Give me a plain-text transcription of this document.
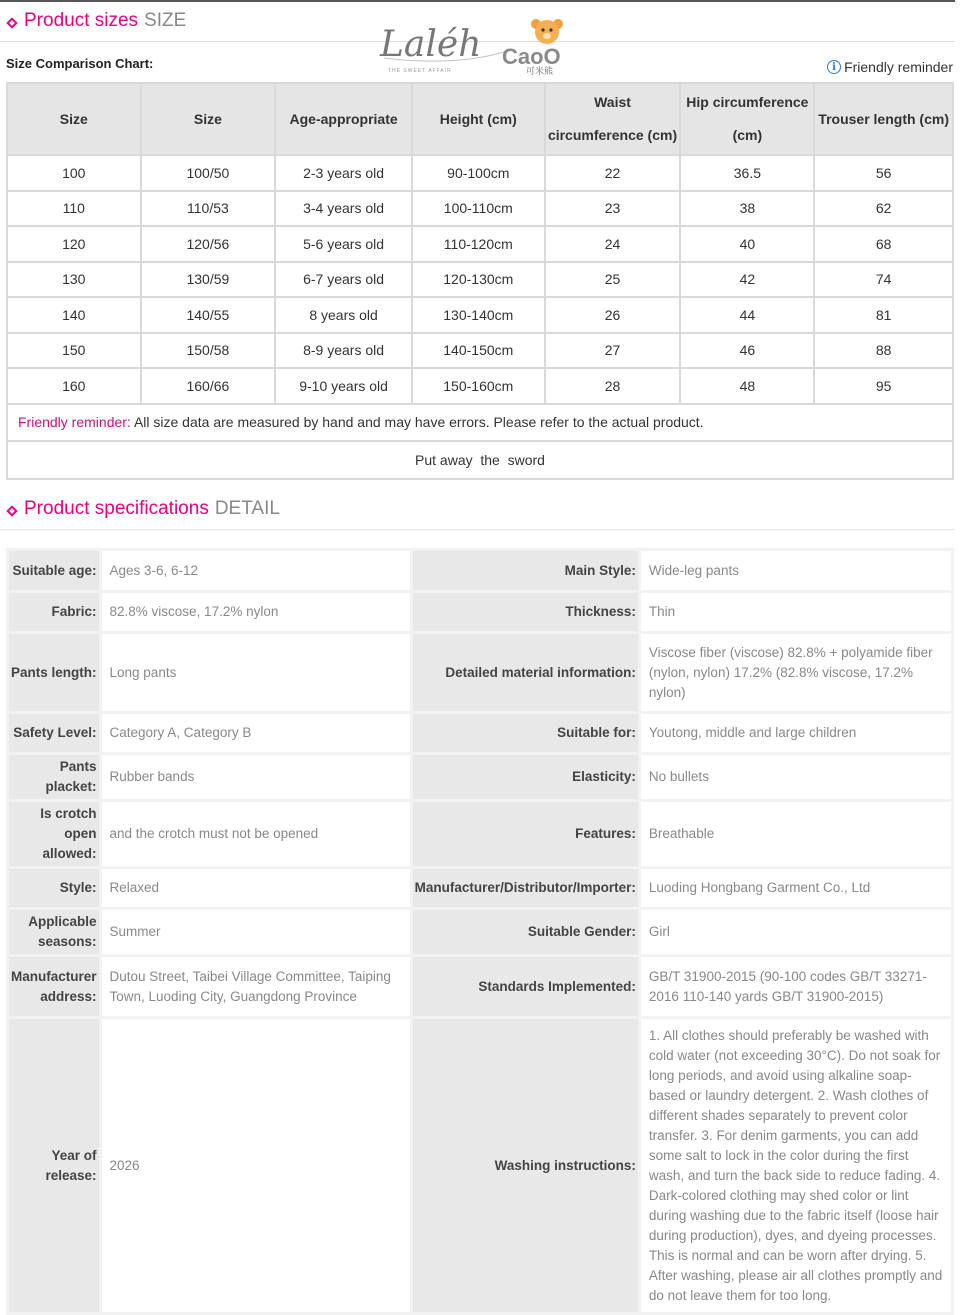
Product sizes SIZE
Size Comparison Chart:	Laléh
THE SWEET AFFAIR
CaoO
可米熊	i Friendly reminder
Size	Size	Age-appropriate	Height (cm)	Waist circumference (cm)	Hip circumference (cm)	Trouser length (cm)
100	100/50	2-3 years old	90-100cm	22	36.5	56
110	110/53	3-4 years old	100-110cm	23	38	62
120	120/56	5-6 years old	110-120cm	24	40	68
130	130/59	6-7 years old	120-130cm	25	42	74
140	140/55	8 years old	130-140cm	26	44	81
150	150/58	8-9 years old	140-150cm	27	46	88
160	160/66	9-10 years old	150-160cm	28	48	95
Friendly reminder: All size data are measured by hand and may have errors. Please refer to the actual product.						
Put away  the  sword						
Product specifications DETAIL
Suitable age:	Ages 3-6, 6-12	Main Style:	Wide-leg pants
Fabric:	82.8% viscose, 17.2% nylon	Thickness:	Thin
Pants length:	Long pants	Detailed material information:	Viscose fiber (viscose) 82.8% + polyamide fiber (nylon, nylon) 17.2% (82.8% viscose, 17.2% nylon)
Safety Level:	Category A, Category B	Suitable for:	Youtong, middle and large children
Pants placket:	Rubber bands	Elasticity:	No bullets
Is crotch open allowed:	and the crotch must not be opened	Features:	Breathable
Style:	Relaxed	Manufacturer/Distributor/Importer:	Luoding Hongbang Garment Co., Ltd
Applicable seasons:	Summer	Suitable Gender:	Girl
Manufacturer address:	Dutou Street, Taibei Village Committee, Taiping Town, Luoding City, Guangdong Province	Standards Implemented:	GB/T 31900-2015 (90-100 codes GB/T 33271-2016 110-140 yards GB/T 31900-2015)
Year of release:	2026	Washing instructions:	1. All clothes should preferably be washed with cold water (not exceeding 30°C). Do not soak for long periods, and avoid using alkaline soap-based or laundry detergent. 2. Wash clothes of different shades separately to prevent color transfer. 3. For denim garments, you can add some salt to lock in the color during the first wash, and turn the back side to reduce fading. 4. Dark-colored clothing may shed color or lint during washing due to the fabric itself (loose hair during production), dyes, and dyeing processes. This is normal and can be worn after drying. 5. After washing, please air all clothes promptly and do not leave them for too long.
